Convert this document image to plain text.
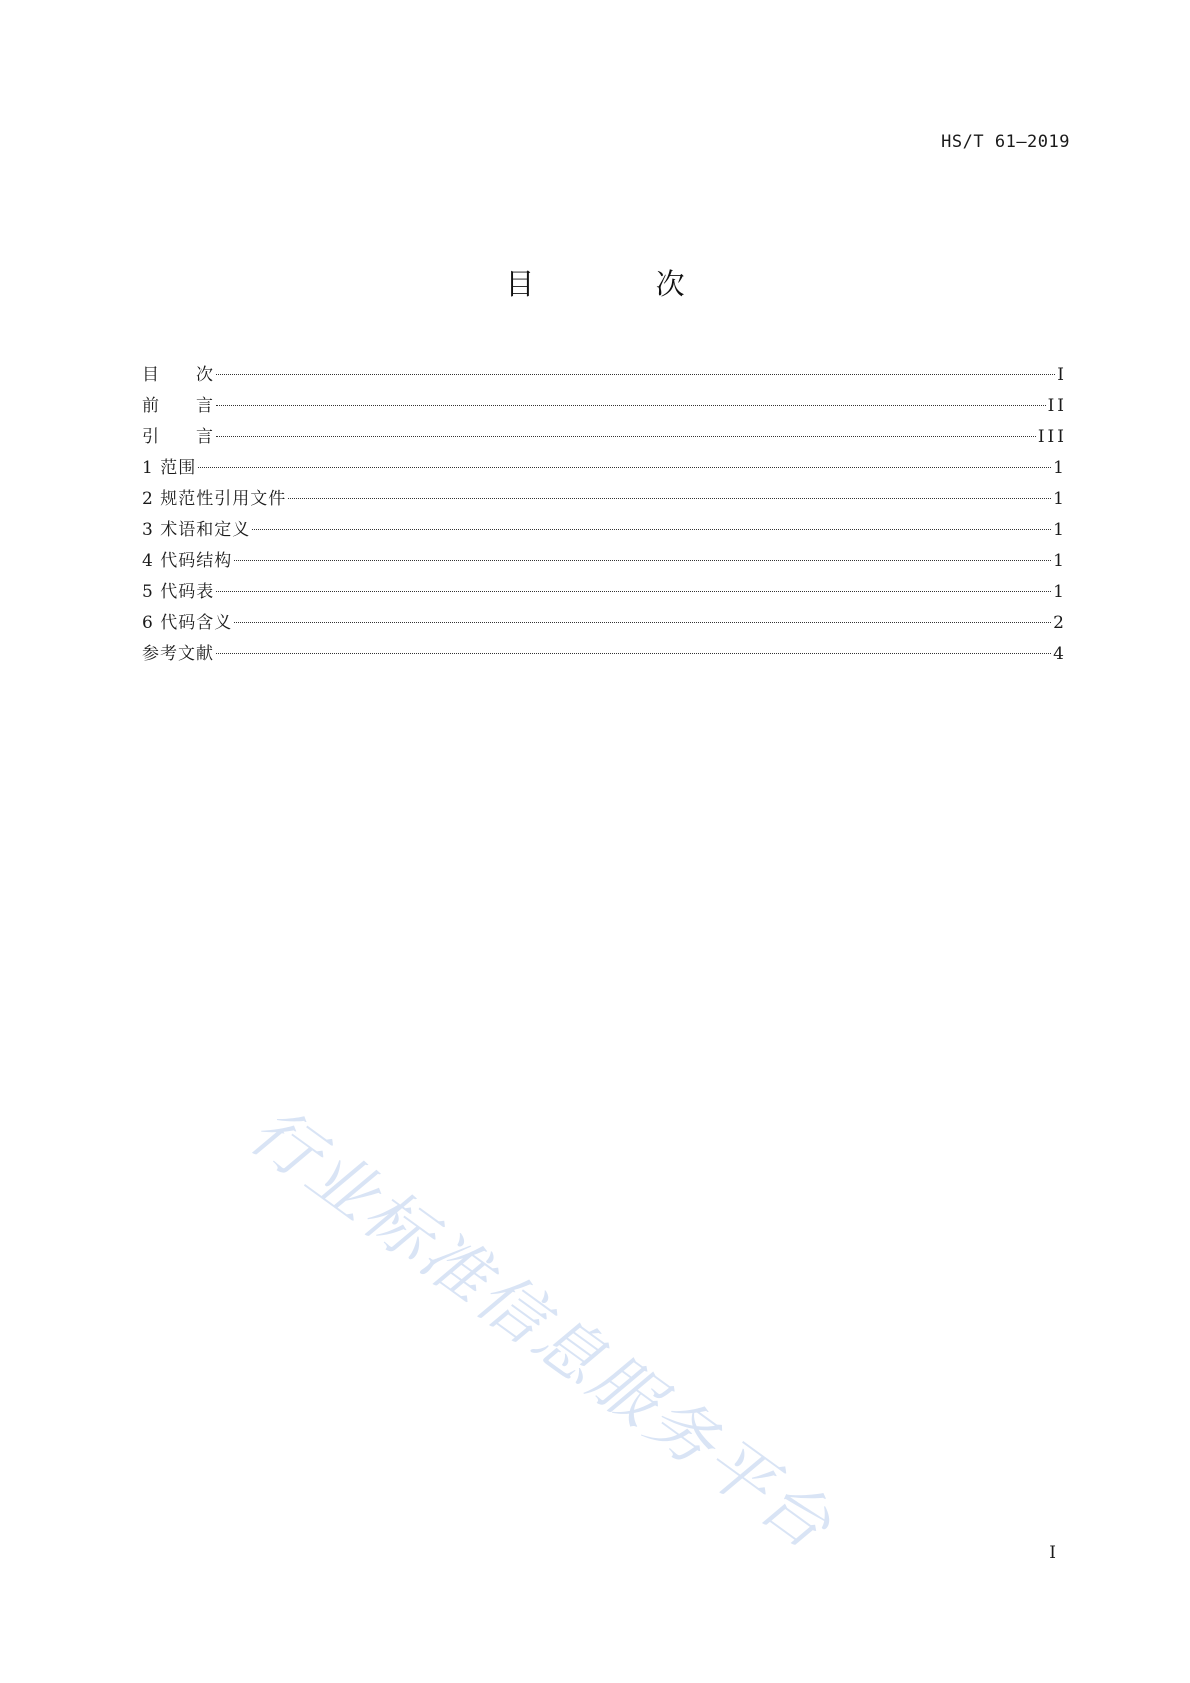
HS/T 61—2019
目 次
目　　次	I
前　　言	II
引　　言	III
1 范围	1
2 规范性引用文件	1
3 术语和定义	1
4 代码结构	1
5 代码表	1
6 代码含义	2
参考文献	4
行业标准信息服务平台	I
